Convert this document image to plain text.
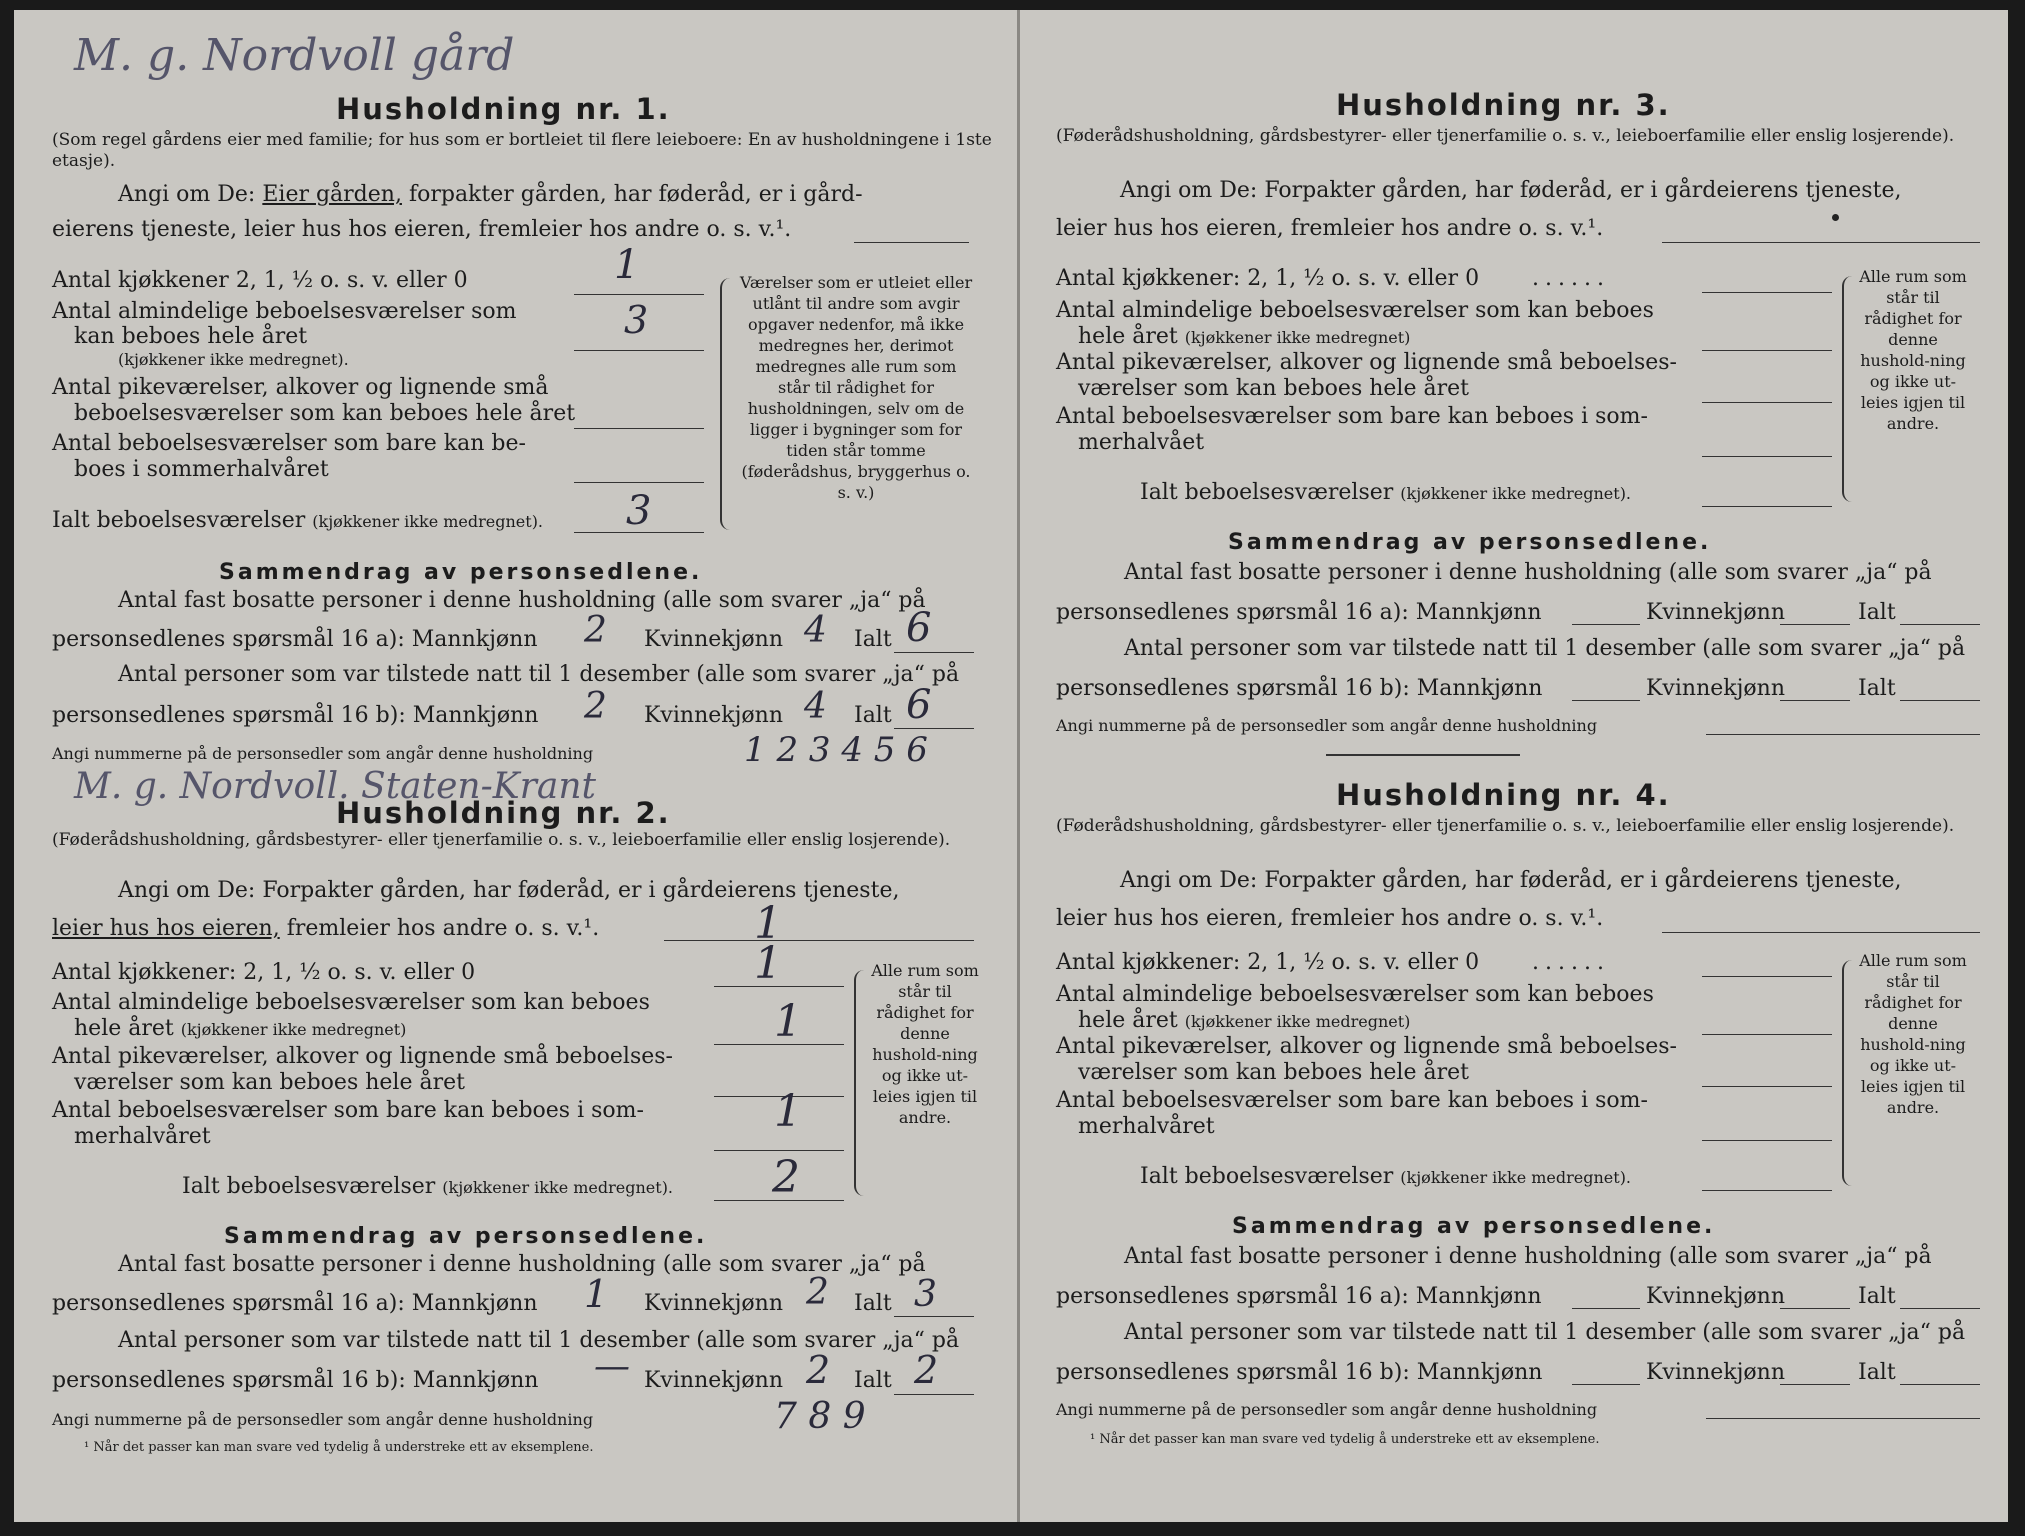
M. g. Nordvoll gård
Husholdning nr. 1.
(Som regel gårdens eier med familie; for hus som er bortleiet til flere leieboere: En av husholdningene i 1ste etasje).
Angi om De: Eier gården, forpakter gården, har føderåd, er i gård-
eierens tjeneste, leier hus hos eieren, fremleier hos andre o. s. v.¹.
Antal kjøkkener 2, 1, ½ o. s. v. eller 0	1
Antal almindelige beboelsesværelser som
kan beboes hele året
(kjøkkener ikke medregnet).
3
Antal pikeværelser, alkover og lignende små
beboelsesværelser som kan beboes hele året
Antal beboelsesværelser som bare kan be-
boes i sommerhalvåret
Ialt beboelsesværelser (kjøkkener ikke medregnet). 3
Værelser som er utleiet eller utlånt til andre som avgir opgaver nedenfor, må ikke medregnes her, derimot medregnes alle rum som står til rådighet for husholdningen, selv om de ligger i bygninger som for tiden står tomme (føderådshus, bryggerhus o. s. v.)
Sammendrag av personsedlene.
Antal fast bosatte personer i denne husholdning (alle som svarer „ja“ på
personsedlenes spørsmål 16 a): Mannkjønn 2 Kvinnekjønn 4 Ialt 6
Antal personer som var tilstede natt til 1 desember (alle som svarer „ja“ på
personsedlenes spørsmål 16 b): Mannkjønn 2 Kvinnekjønn 4 Ialt 6
Angi nummerne på de personsedler som angår denne husholdning	1 2 3 4 5 6
M. g. Nordvoll. Staten-Krant
Husholdning nr. 2.
(Føderådshusholdning, gårdsbestyrer- eller tjenerfamilie o. s. v., leieboerfamilie eller enslig losjerende).
Angi om De: Forpakter gården, har føderåd, er i gårdeierens tjeneste,
leier hus hos eieren, fremleier hos andre o. s. v.¹.	1
Antal kjøkkener: 2, 1, ½ o. s. v. eller 0	1
Antal almindelige beboelsesværelser som kan beboes
hele året (kjøkkener ikke medregnet)	1
Antal pikeværelser, alkover og lignende små beboelses-
værelser som kan beboes hele året
Antal beboelsesværelser som bare kan beboes i som-
merhalvåret	1
Ialt beboelsesværelser (kjøkkener ikke medregnet). 2
Alle rum som står til rådighet for denne hushold-ning og ikke ut-leies igjen til andre.
Sammendrag av personsedlene.
Antal fast bosatte personer i denne husholdning (alle som svarer „ja“ på
personsedlenes spørsmål 16 a): Mannkjønn 1 Kvinnekjønn 2 Ialt 3
Antal personer som var tilstede natt til 1 desember (alle som svarer „ja“ på
personsedlenes spørsmål 16 b): Mannkjønn — Kvinnekjønn 2 Ialt 2
Angi nummerne på de personsedler som angår denne husholdning	7 8 9
¹ Når det passer kan man svare ved tydelig å understreke ett av eksemplene.
Husholdning nr. 3.
(Føderådshusholdning, gårdsbestyrer- eller tjenerfamilie o. s. v., leieboerfamilie eller enslig losjerende).
Angi om De: Forpakter gården, har føderåd, er i gårdeierens tjeneste,
leier hus hos eieren, fremleier hos andre o. s. v.¹.
Antal kjøkkener: 2, 1, ½ o. s. v. eller 0 ......
Antal almindelige beboelsesværelser som kan beboes
hele året (kjøkkener ikke medregnet)
Antal pikeværelser, alkover og lignende små beboelses-
værelser som kan beboes hele året
Antal beboelsesværelser som bare kan beboes i som-
merhalvået
Ialt beboelsesværelser (kjøkkener ikke medregnet).
Alle rum som står til rådighet for denne hushold-ning og ikke ut-leies igjen til andre.
Sammendrag av personsedlene.
Antal fast bosatte personer i denne husholdning (alle som svarer „ja“ på
personsedlenes spørsmål 16 a): Mannkjønn	Kvinnekjønn	Ialt
Antal personer som var tilstede natt til 1 desember (alle som svarer „ja“ på
personsedlenes spørsmål 16 b): Mannkjønn	Kvinnekjønn	Ialt
Angi nummerne på de personsedler som angår denne husholdning
Husholdning nr. 4.
(Føderådshusholdning, gårdsbestyrer- eller tjenerfamilie o. s. v., leieboerfamilie eller enslig losjerende).
Angi om De: Forpakter gården, har føderåd, er i gårdeierens tjeneste,
leier hus hos eieren, fremleier hos andre o. s. v.¹.
Antal kjøkkener: 2, 1, ½ o. s. v. eller 0 ......
Antal almindelige beboelsesværelser som kan beboes
hele året (kjøkkener ikke medregnet)
Antal pikeværelser, alkover og lignende små beboelses-
værelser som kan beboes hele året
Antal beboelsesværelser som bare kan beboes i som-
merhalvåret
Ialt beboelsesværelser (kjøkkener ikke medregnet).
Alle rum som står til rådighet for denne hushold-ning og ikke ut-leies igjen til andre.
Sammendrag av personsedlene.
Antal fast bosatte personer i denne husholdning (alle som svarer „ja“ på
personsedlenes spørsmål 16 a): Mannkjønn	Kvinnekjønn	Ialt
Antal personer som var tilstede natt til 1 desember (alle som svarer „ja“ på
personsedlenes spørsmål 16 b): Mannkjønn	Kvinnekjønn	Ialt
Angi nummerne på de personsedler som angår denne husholdning
¹ Når det passer kan man svare ved tydelig å understreke ett av eksemplene.
